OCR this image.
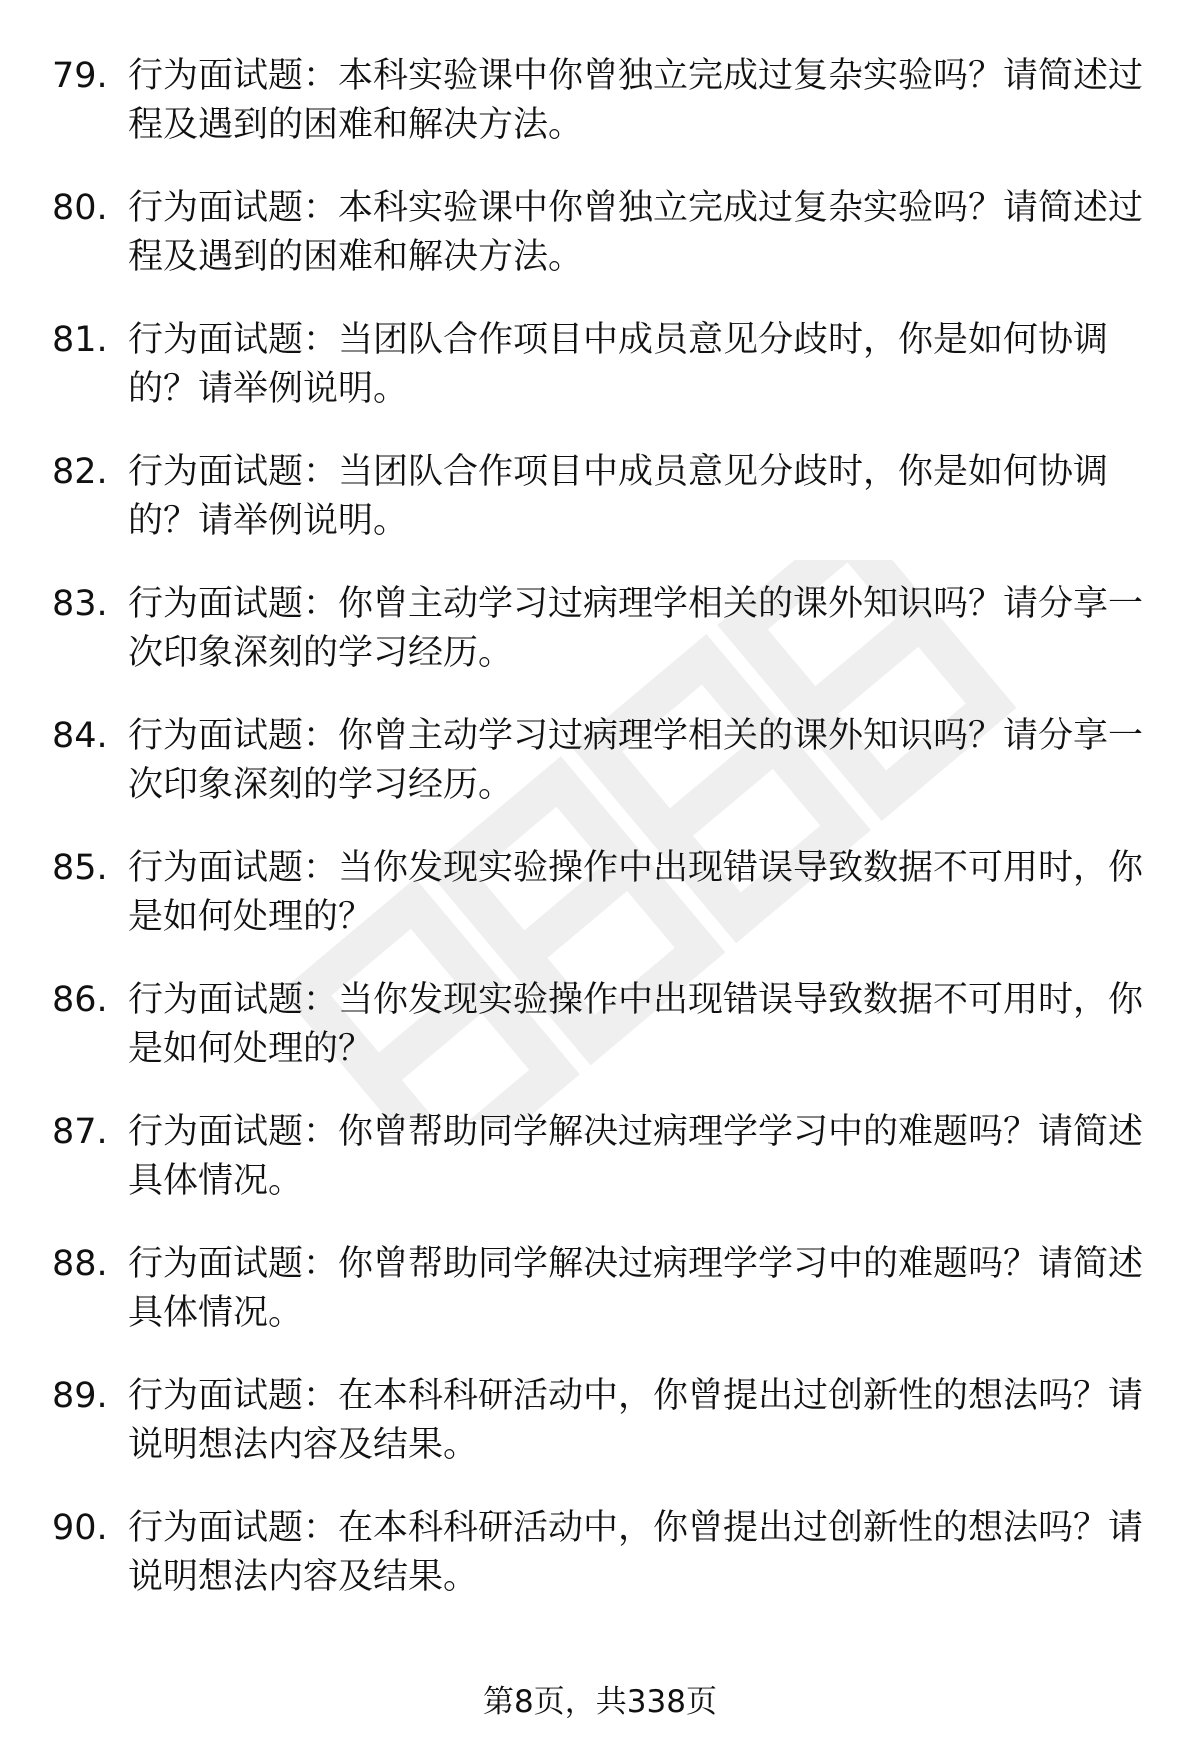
79. 行为面试题：本科实验课中你曾独立完成过复杂实验吗？请简述过程及遇到的困难和解决方法。
80. 行为面试题：本科实验课中你曾独立完成过复杂实验吗？请简述过程及遇到的困难和解决方法。
81. 行为面试题：当团队合作项目中成员意见分歧时，你是如何协调的？请举例说明。
82. 行为面试题：当团队合作项目中成员意见分歧时，你是如何协调的？请举例说明。
83. 行为面试题：你曾主动学习过病理学相关的课外知识吗？请分享一次印象深刻的学习经历。
84. 行为面试题：你曾主动学习过病理学相关的课外知识吗？请分享一次印象深刻的学习经历。
85. 行为面试题：当你发现实验操作中出现错误导致数据不可用时，你是如何处理的？
86. 行为面试题：当你发现实验操作中出现错误导致数据不可用时，你是如何处理的？
87. 行为面试题：你曾帮助同学解决过病理学学习中的难题吗？请简述具体情况。
88. 行为面试题：你曾帮助同学解决过病理学学习中的难题吗？请简述具体情况。
89. 行为面试题：在本科科研活动中，你曾提出过创新性的想法吗？请说明想法内容及结果。
90. 行为面试题：在本科科研活动中，你曾提出过创新性的想法吗？请说明想法内容及结果。
第8页，共338页
